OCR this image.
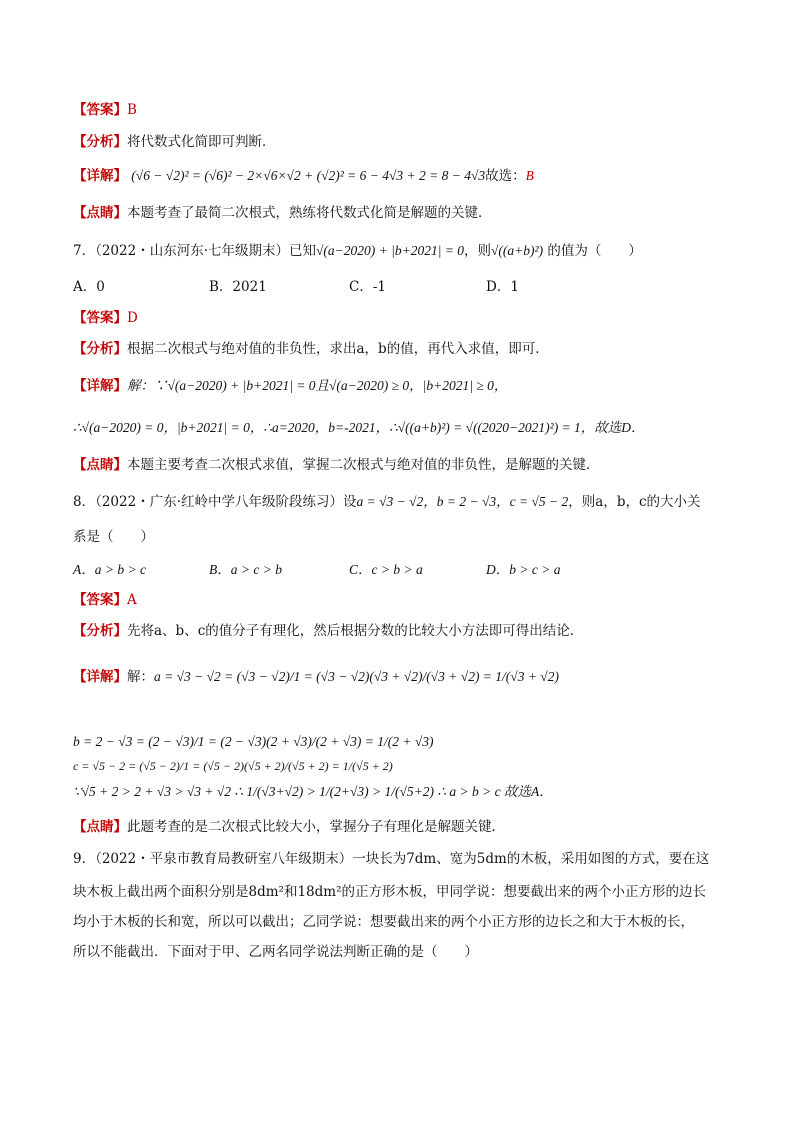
【答案】B
【分析】将代数式化简即可判断．
【详解】 (√6 − √2)² = (√6)² − 2×√6×√2 + (√2)² = 6 − 4√3 + 2 = 8 − 4√3故选：B
【点睛】本题考查了最简二次根式，熟练将代数式化简是解题的关键．
7．（2022・山东河东·七年级期末）已知√(a−2020) + |b+2021| = 0，则√((a+b)²) 的值为（　　）
A．0	B．2021	C．-1	D．1
【答案】D
【分析】根据二次根式与绝对值的非负性，求出a，b的值，再代入求值，即可．
【详解】解：∵√(a−2020) + |b+2021| = 0且√(a−2020) ≥ 0，|b+2021| ≥ 0，
∴√(a−2020) = 0，|b+2021| = 0，∴a=2020，b=-2021，∴√((a+b)²) = √((2020−2021)²) = 1，故选D．
【点睛】本题主要考查二次根式求值，掌握二次根式与绝对值的非负性，是解题的关键．
8．（2022・广东·红岭中学八年级阶段练习）设a = √3 − √2，b = 2 − √3，c = √5 − 2，则a，b，c的大小关
系是（　　）
A．a > b > c	B．a > c > b	C．c > b > a	D．b > c > a
【答案】A
【分析】先将a、b、c的值分子有理化，然后根据分数的比较大小方法即可得出结论．
【详解】解：a = √3 − √2 = (√3 − √2)/1 = (√3 − √2)(√3 + √2)/(√3 + √2) = 1/(√3 + √2)
b = 2 − √3 = (2 − √3)/1 = (2 − √3)(2 + √3)/(2 + √3) = 1/(2 + √3)
c = √5 − 2 = (√5 − 2)/1 = (√5 − 2)(√5 + 2)/(√5 + 2) = 1/(√5 + 2)
∵√5 + 2 > 2 + √3 > √3 + √2 ∴ 1/(√3+√2) > 1/(2+√3) > 1/(√5+2) ∴ a > b > c 故选A．
【点睛】此题考查的是二次根式比较大小，掌握分子有理化是解题关键．
9．（2022・平泉市教育局教研室八年级期末）一块长为7dm、宽为5dm的木板，采用如图的方式，要在这
块木板上截出两个面积分别是8dm²和18dm²的正方形木板，甲同学说：想要截出来的两个小正方形的边长
均小于木板的长和宽，所以可以截出；乙同学说：想要截出来的两个小正方形的边长之和大于木板的长，
所以不能截出．下面对于甲、乙两名同学说法判断正确的是（　　）
